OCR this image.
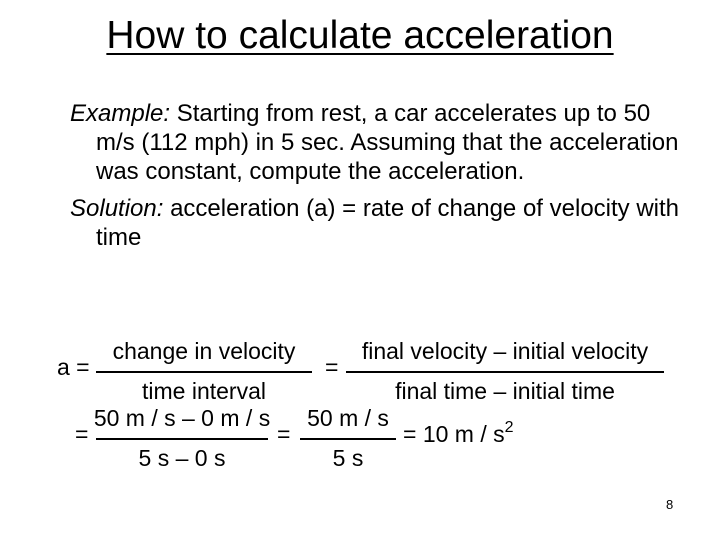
How to calculate acceleration

Example: Starting from rest, a car accelerates up to 50 m/s (112 mph) in 5 sec. Assuming that the acceleration was constant, compute the acceleration.

Solution: acceleration (a) = rate of change of velocity with time

a =
change in velocity
time interval
=
final velocity – initial velocity
final time – initial time
=
50 m / s – 0 m / s
5 s – 0 s
=
50 m / s
5 s
= 10 m / $s^2$
8
